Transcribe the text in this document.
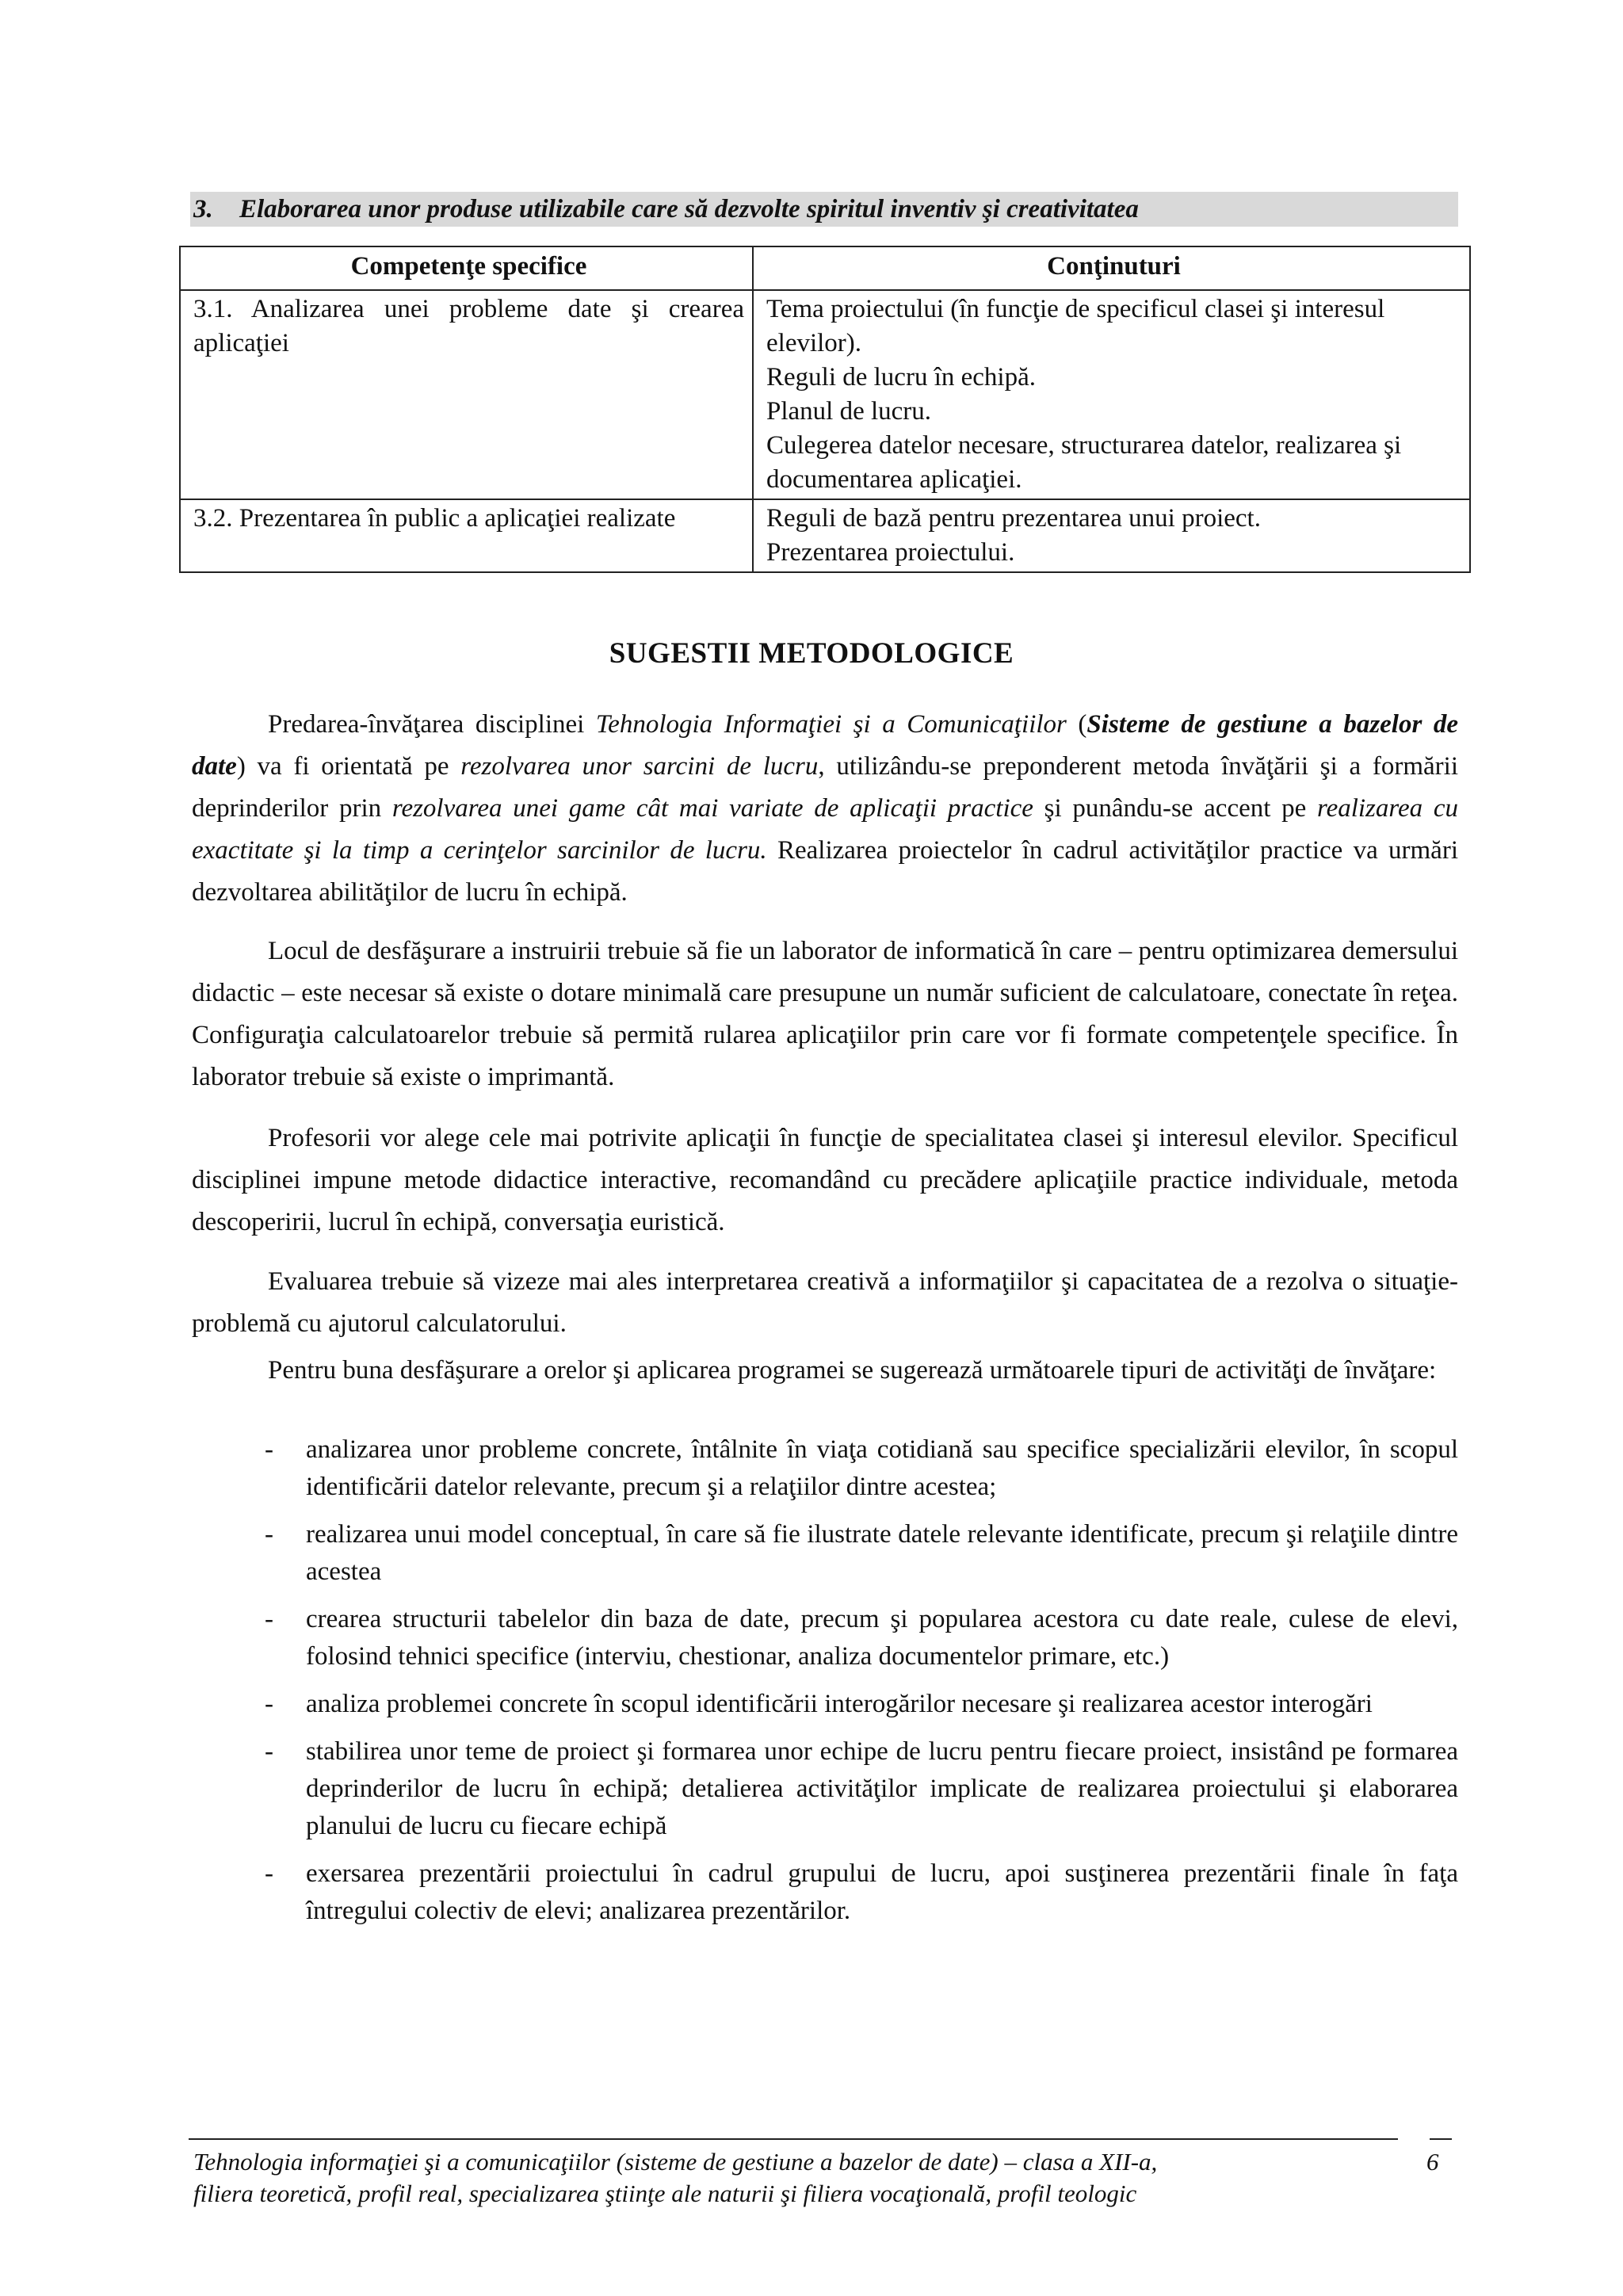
3. Elaborarea unor produse utilizabile care să dezvolte spiritul inventiv şi creativitatea
Competenţe specifice	Conţinuturi
3.1. Analizarea unei probleme date şi crearea aplicaţiei	Tema proiectului (în funcţie de specificul clasei şi interesul elevilor).
Reguli de lucru în echipă.
Planul de lucru.
Culegerea datelor necesare, structurarea datelor, realizarea şi documentarea aplicaţiei.

3.2. Prezentarea în public a aplicaţiei realizate	Reguli de bază pentru prezentarea unui proiect.
Prezentarea proiectului.
SUGESTII METODOLOGICE

Predarea-învăţarea disciplinei Tehnologia Informaţiei şi a Comunicaţiilor (Sisteme de gestiune a bazelor de date) va fi orientată pe rezolvarea unor sarcini de lucru, utilizându-se preponderent metoda învăţării şi a formării deprinderilor prin rezolvarea unei game cât mai variate de aplicaţii practice şi punându-se accent pe realizarea cu exactitate şi la timp a cerinţelor sarcinilor de lucru. Realizarea proiectelor în cadrul activităţilor practice va urmări dezvoltarea abilităţilor de lucru în echipă.

Locul de desfăşurare a instruirii trebuie să fie un laborator de informatică în care – pentru optimizarea demersului didactic – este necesar să existe o dotare minimală care presupune un număr suficient de calculatoare, conectate în reţea. Configuraţia calculatoarelor trebuie să permită rularea aplicaţiilor prin care vor fi formate competenţele specifice. În laborator trebuie să existe o imprimantă.

Profesorii vor alege cele mai potrivite aplicaţii în funcţie de specialitatea clasei şi interesul elevilor. Specificul disciplinei impune metode didactice interactive, recomandând cu precădere aplicaţiile practice individuale, metoda descoperirii, lucrul în echipă, conversaţia euristică.

Evaluarea trebuie să vizeze mai ales interpretarea creativă a informaţiilor şi capacitatea de a rezolva o situaţie-problemă cu ajutorul calculatorului.

Pentru buna desfăşurare a orelor şi aplicarea programei se sugerează următoarele tipuri de activităţi de învăţare:

- analizarea unor probleme concrete, întâlnite în viaţa cotidiană sau specifice specializării elevilor, în scopul identificării datelor relevante, precum şi a relaţiilor dintre acestea;
- realizarea unui model conceptual, în care să fie ilustrate datele relevante identificate, precum şi relaţiile dintre acestea
- crearea structurii tabelelor din baza de date, precum şi popularea acestora cu date reale, culese de elevi, folosind tehnici specifice (interviu, chestionar, analiza documentelor primare, etc.)
- analiza problemei concrete în scopul identificării interogărilor necesare şi realizarea acestor interogări
- stabilirea unor teme de proiect şi formarea unor echipe de lucru pentru fiecare proiect, insistând pe formarea deprinderilor de lucru în echipă; detalierea activităţilor implicate de realizarea proiectului şi elaborarea planului de lucru cu fiecare echipă
- exersarea prezentării proiectului în cadrul grupului de lucru, apoi susţinerea prezentării finale în faţa întregului colectiv de elevi; analizarea prezentărilor.
Tehnologia informaţiei şi a comunicaţiilor (sisteme de gestiune a bazelor de date) – clasa a XII-a,
filiera teoretică, profil real, specializarea ştiinţe ale naturii şi filiera vocaţională, profil teologic
6
